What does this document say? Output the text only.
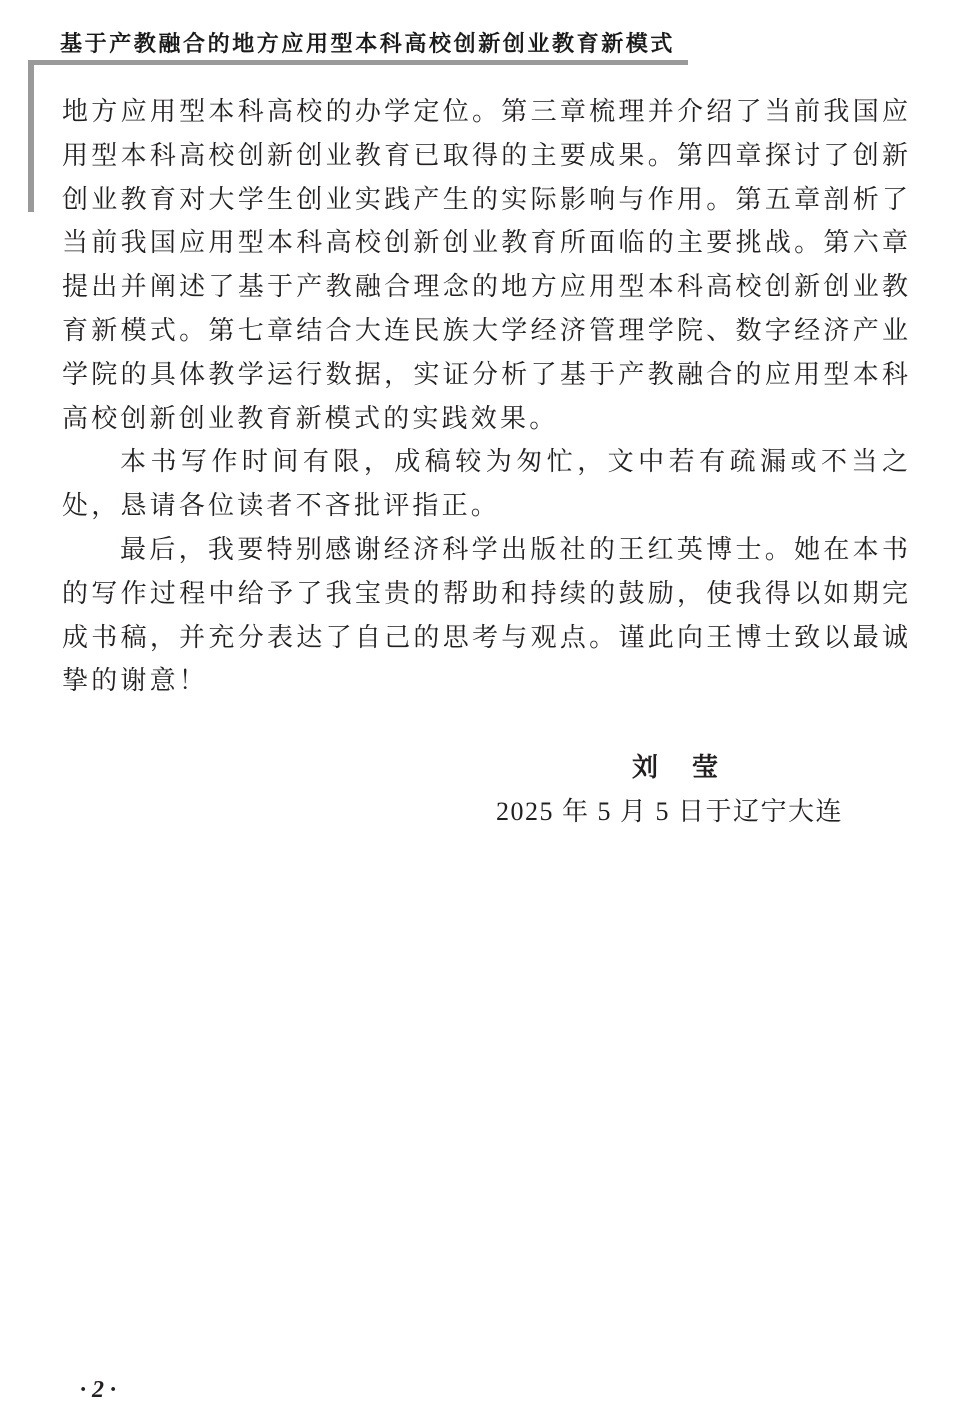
基于产教融合的地方应用型本科高校创新创业教育新模式
地方应用型本科高校的办学定位。第三章梳理并介绍了当前我国应
用型本科高校创新创业教育已取得的主要成果。第四章探讨了创新
创业教育对大学生创业实践产生的实际影响与作用。第五章剖析了
当前我国应用型本科高校创新创业教育所面临的主要挑战。第六章
提出并阐述了基于产教融合理念的地方应用型本科高校创新创业教
育新模式。第七章结合大连民族大学经济管理学院、数字经济产业
学院的具体教学运行数据，实证分析了基于产教融合的应用型本科
高校创新创业教育新模式的实践效果。
本书写作时间有限，成稿较为匆忙，文中若有疏漏或不当之
处，恳请各位读者不吝批评指正。
最后，我要特别感谢经济科学出版社的王红英博士。她在本书
的写作过程中给予了我宝贵的帮助和持续的鼓励，使我得以如期完
成书稿，并充分表达了自己的思考与观点。谨此向王博士致以最诚
挚的谢意！
刘　莹
2025 年 5 月 5 日于辽宁大连
· 2 ·
